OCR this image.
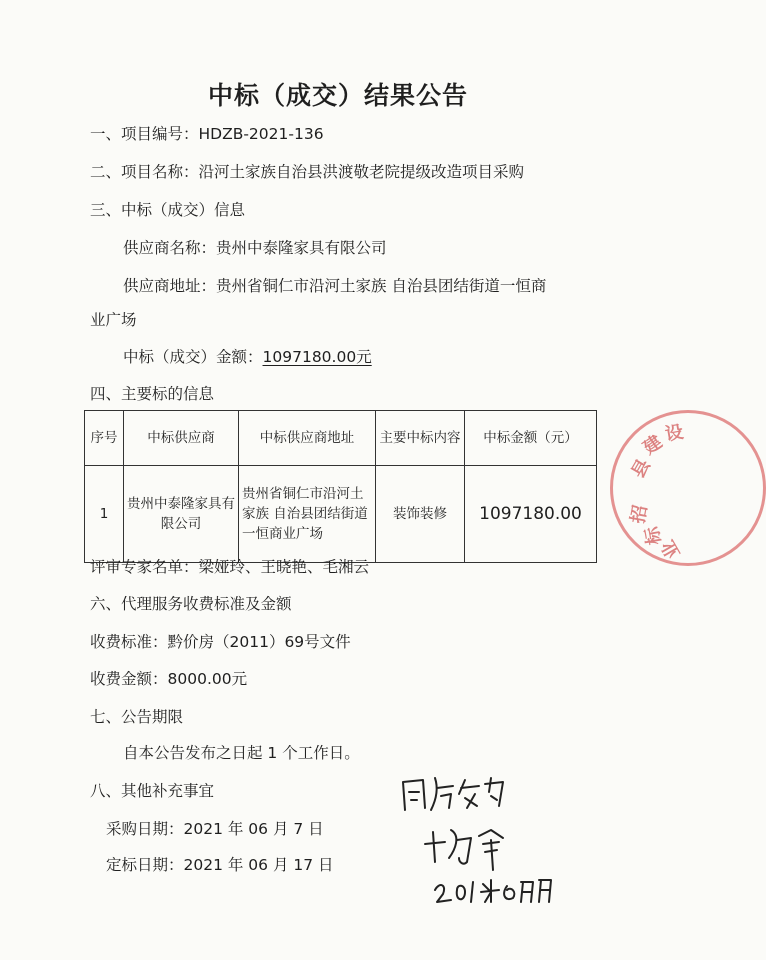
中标（成交）结果公告
一、项目编号：HDZB-2021-136
二、项目名称：沿河土家族自治县洪渡敬老院提级改造项目采购
三、中标（成交）信息
供应商名称：贵州中泰隆家具有限公司
供应商地址：贵州省铜仁市沿河土家族 自治县团结街道一恒商
业广场
中标（成交）金额：1097180.00元
四、主要标的信息
序号	中标供应商	中标供应商地址	主要中标内容	中标金额（元）
1	贵州中泰隆家具有限公司	贵州省铜仁市沿河土家族 自治县团结街道一恒商业广场	装饰装修	1097180.00
评审专家名单：梁娅玲、王晓艳、毛湘云
六、代理服务收费标准及金额
收费标准：黔价房（2011）69号文件
收费金额：8000.00元
七、公告期限
自本公告发布之日起 1 个工作日。
八、其他补充事宜
采购日期：2021 年 06 月 7 日
定标日期：2021 年 06 月 17 日
县
建
设
招
标
业
